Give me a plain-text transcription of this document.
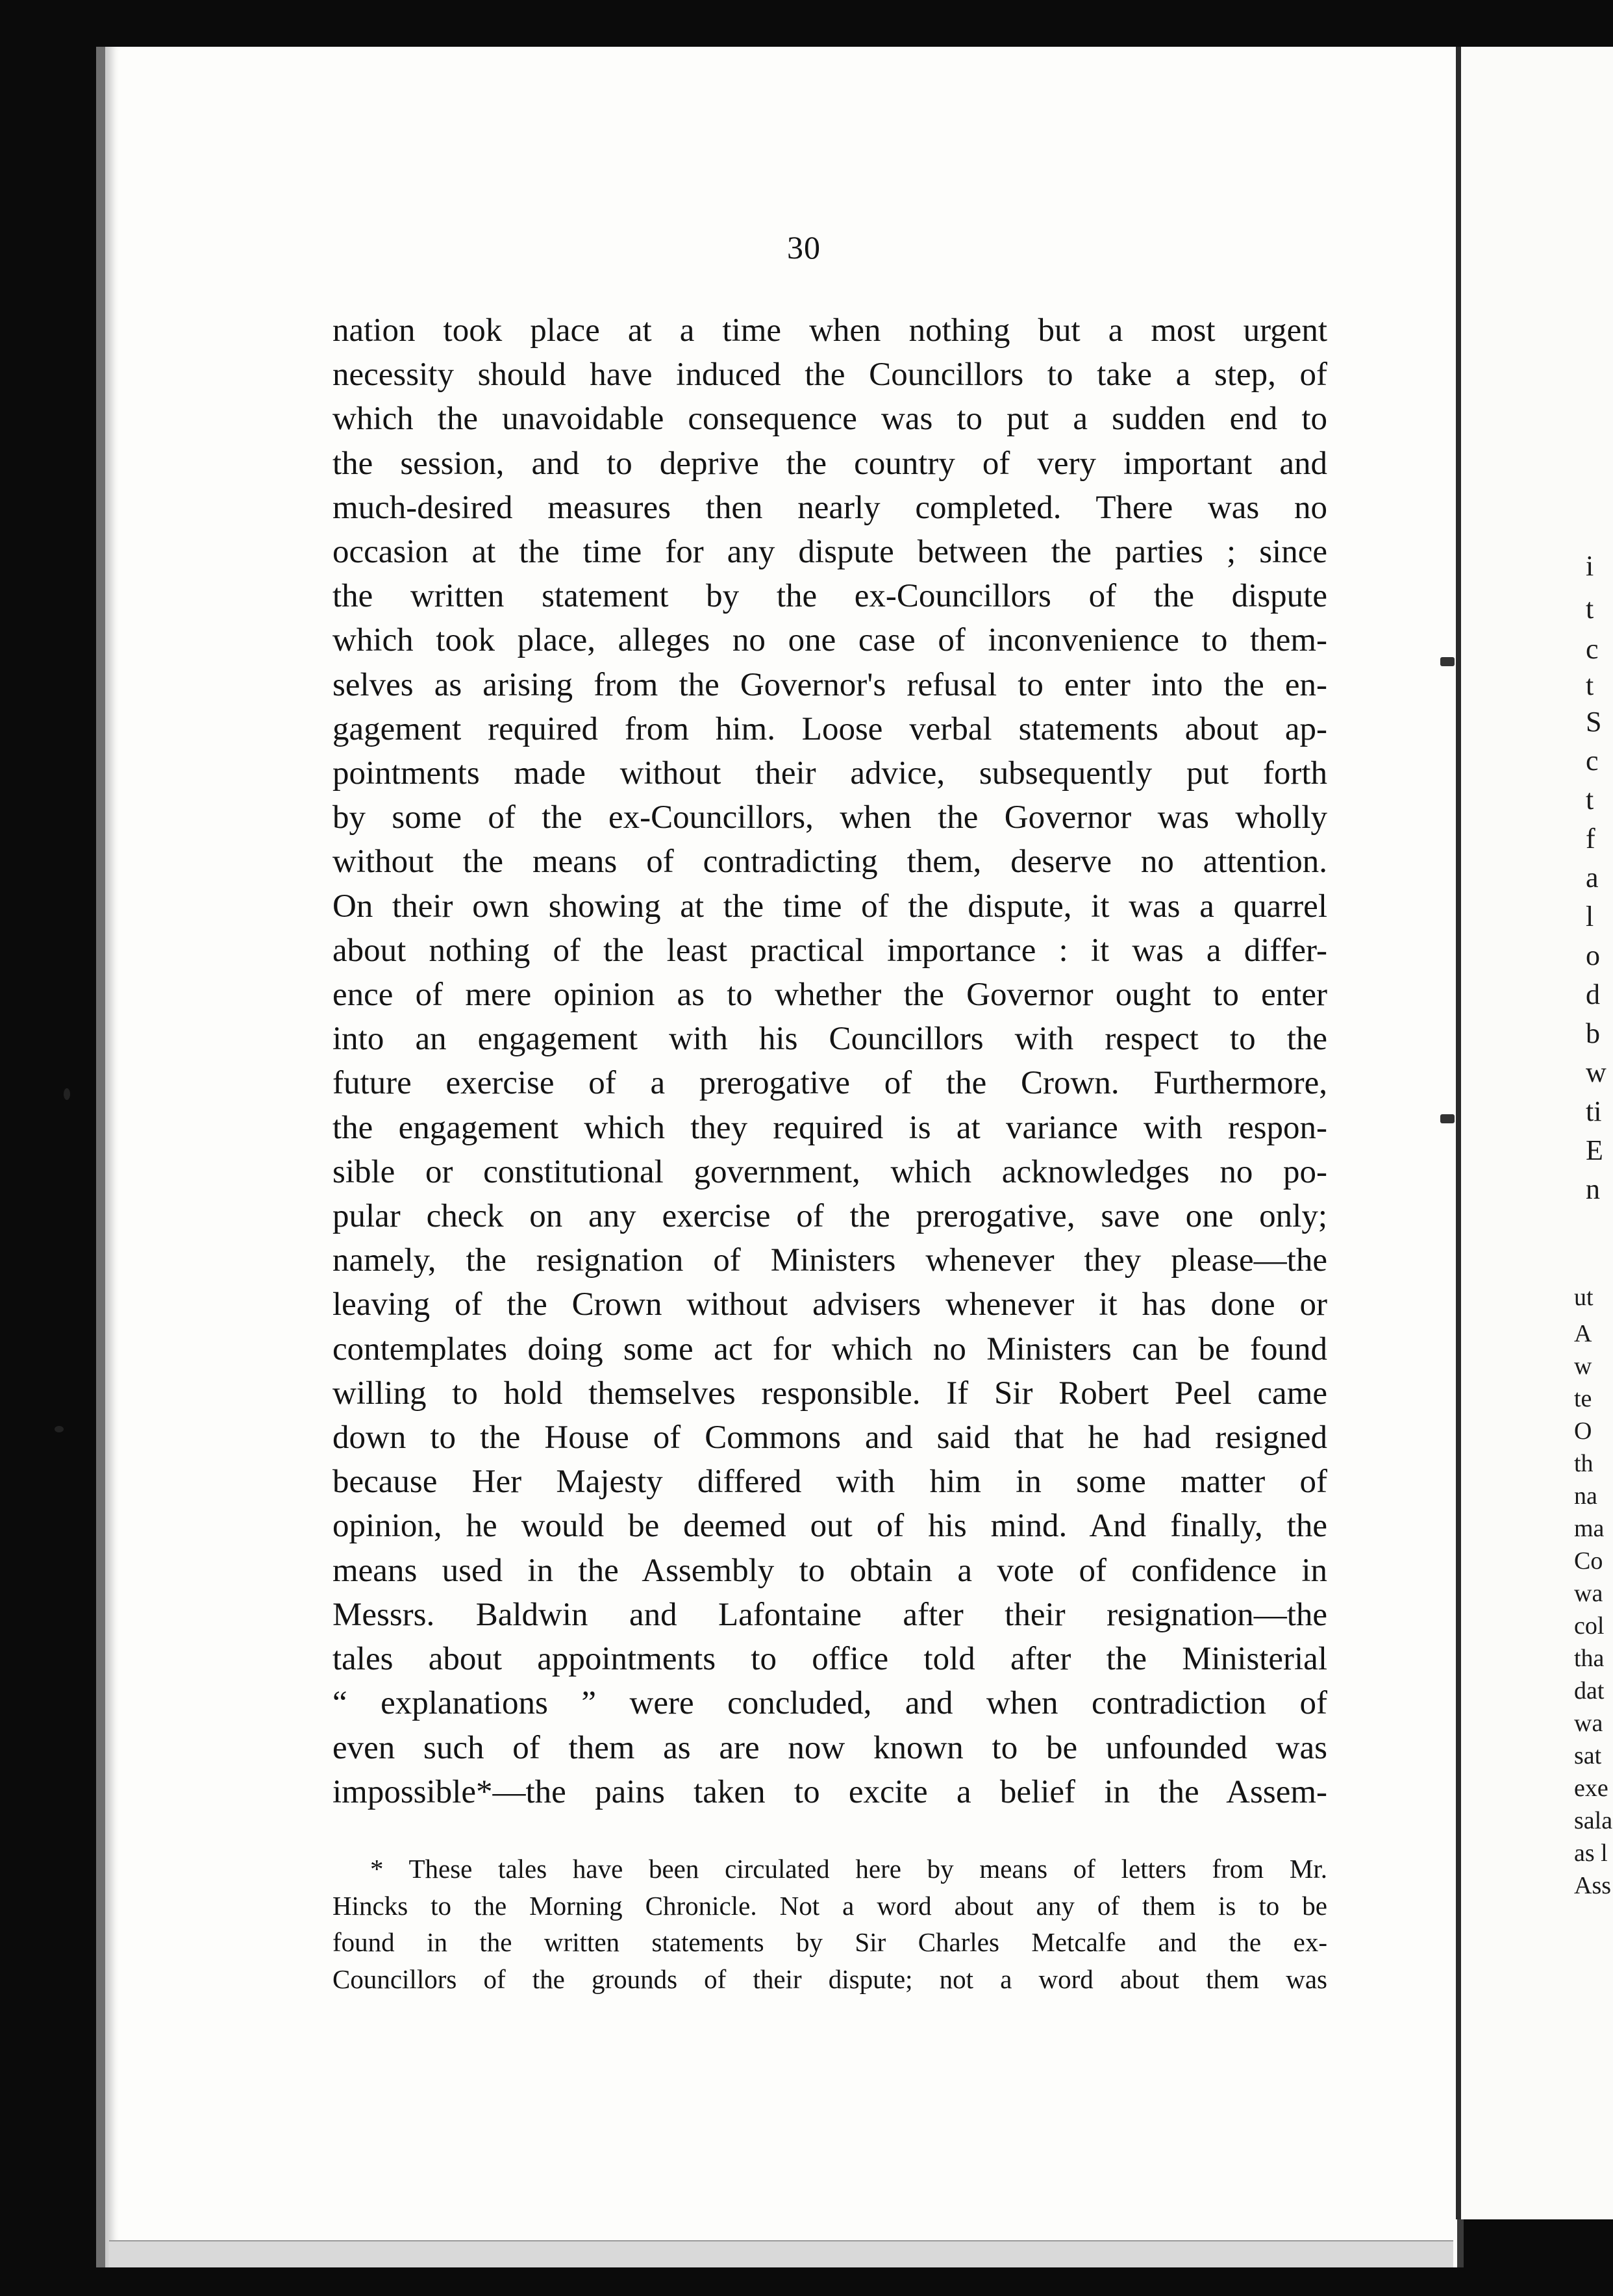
30
nation took place at a time when nothing but a most urgent
necessity should have induced the Councillors to take a step, of
which the unavoidable consequence was to put a sudden end to
the session, and to deprive the country of very important and
much-desired measures then nearly completed. There was no
occasion at the time for any dispute between the parties ; since
the written statement by the ex-Councillors of the dispute
which took place, alleges no one case of inconvenience to them-
selves as arising from the Governor's refusal to enter into the en-
gagement required from him. Loose verbal statements about ap-
pointments made without their advice, subsequently put forth
by some of the ex-Councillors, when the Governor was wholly
without the means of contradicting them, deserve no attention.
On their own showing at the time of the dispute, it was a quarrel
about nothing of the least practical importance : it was a differ-
ence of mere opinion as to whether the Governor ought to enter
into an engagement with his Councillors with respect to the
future exercise of a prerogative of the Crown. Furthermore,
the engagement which they required is at variance with respon-
sible or constitutional government, which acknowledges no po-
pular check on any exercise of the prerogative, save one only;
namely, the resignation of Ministers whenever they please—the
leaving of the Crown without advisers whenever it has done or
contemplates doing some act for which no Ministers can be found
willing to hold themselves responsible. If Sir Robert Peel came
down to the House of Commons and said that he had resigned
because Her Majesty differed with him in some matter of
opinion, he would be deemed out of his mind. And finally, the
means used in the Assembly to obtain a vote of confidence in
Messrs. Baldwin and Lafontaine after their resignation—the
tales about appointments to office told after the Ministerial
“ explanations ” were concluded, and when contradiction of
even such of them as are now known to be unfounded was
impossible*—the pains taken to excite a belief in the Assem-
* These tales have been circulated here by means of letters from Mr.
Hincks to the Morning Chronicle. Not a word about any of them is to be
found in the written statements by Sir Charles Metcalfe and the ex-
Councillors of the grounds of their dispute; not a word about them was
i
t
c
t
S
c
t
f
a
l
o
d
b
w
ti
E
n
ut
A
w
te
O
th
na
ma
Co
wa
col
tha
dat
wa
sat
exe
sala
as l
Ass
